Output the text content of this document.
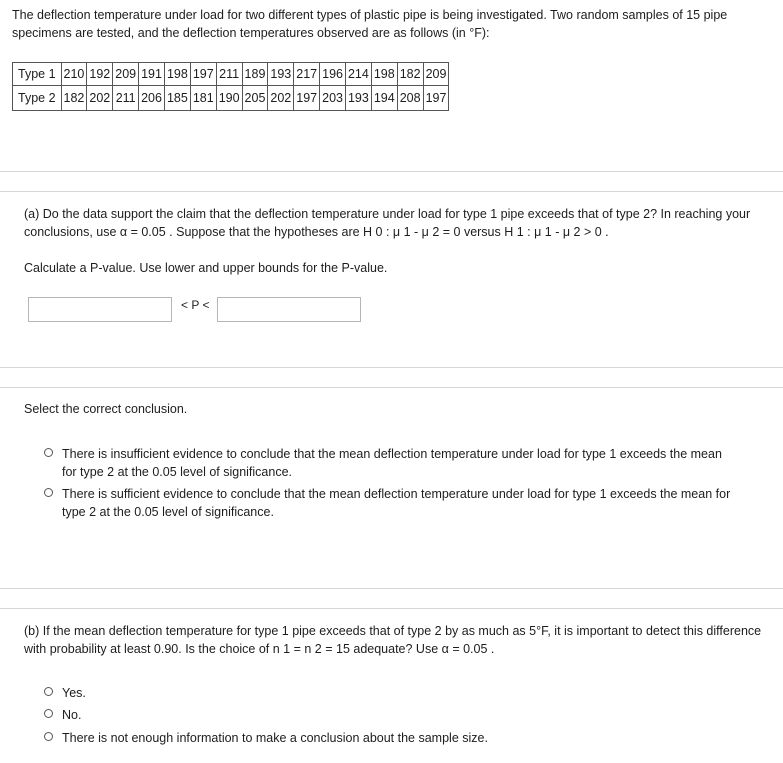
The deflection temperature under load for two different types of plastic pipe is being investigated. Two random samples of 15 pipe specimens are tested, and the deflection temperatures observed are as follows (in °F):
Type 1	210	192	209	191	198	197	211	189	193	217	196	214	198	182	209
Type 2	182	202	211	206	185	181	190	205	202	197	203	193	194	208	197
(a) Do the data support the claim that the deflection temperature under load for type 1 pipe exceeds that of type 2? In reaching your conclusions, use α = 0.05 . Suppose that the hypotheses are H 0 : μ 1 - μ 2 = 0 versus H 1 : μ 1 - μ 2 > 0 .
Calculate a P-value. Use lower and upper bounds for the P-value.
< P <
Select the correct conclusion.
There is insufficient evidence to conclude that the mean deflection temperature under load for type 1 exceeds the mean for type 2 at the 0.05 level of significance.
There is sufficient evidence to conclude that the mean deflection temperature under load for type 1 exceeds the mean for type 2 at the 0.05 level of significance.
(b) If the mean deflection temperature for type 1 pipe exceeds that of type 2 by as much as 5°F, it is important to detect this difference with probability at least 0.90. Is the choice of n 1 = n 2 = 15 adequate? Use α = 0.05 .
Yes.
No.
There is not enough information to make a conclusion about the sample size.
